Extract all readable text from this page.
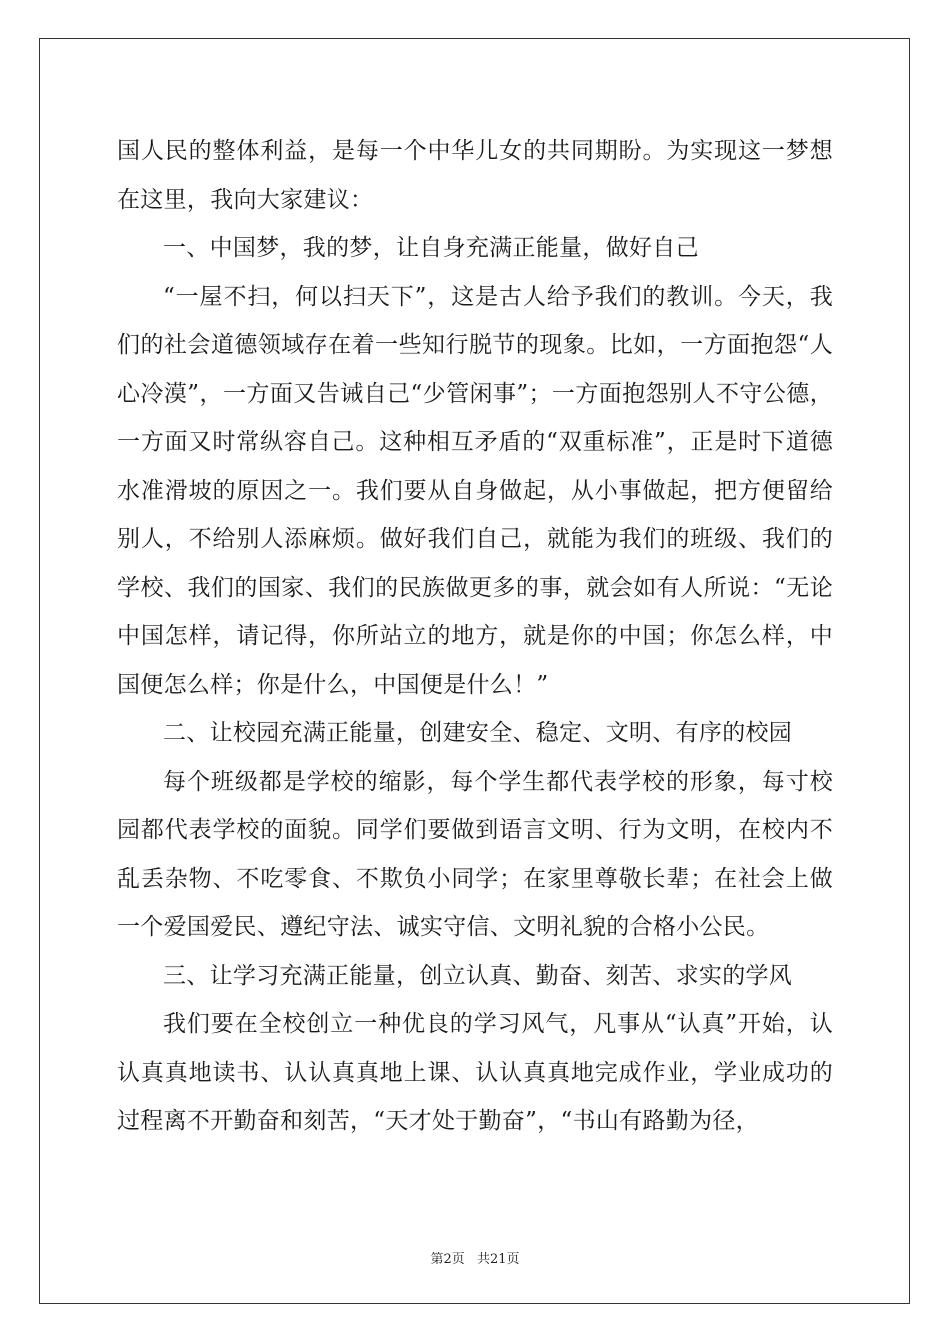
国人民的整体利益，是每一个中华儿女的共同期盼。为实现这一梦想在这里，我向大家建议：

一、中国梦，我的梦，让自身充满正能量，做好自己

“一屋不扫，何以扫天下”，这是古人给予我们的教训。今天，我们的社会道德领域存在着一些知行脱节的现象。比如，一方面抱怨“人心冷漠”，一方面又告诫自己“少管闲事”；一方面抱怨别人不守公德，一方面又时常纵容自己。这种相互矛盾的“双重标准”，正是时下道德水准滑坡的原因之一。我们要从自身做起，从小事做起，把方便留给别人，不给别人添麻烦。做好我们自己，就能为我们的班级、我们的学校、我们的国家、我们的民族做更多的事，就会如有人所说：“无论中国怎样，请记得，你所站立的地方，就是你的中国；你怎么样，中国便怎么样；你是什么，中国便是什么！”

二、让校园充满正能量，创建安全、稳定、文明、有序的校园

每个班级都是学校的缩影，每个学生都代表学校的形象，每寸校园都代表学校的面貌。同学们要做到语言文明、行为文明，在校内不乱丢杂物、不吃零食、不欺负小同学；在家里尊敬长辈；在社会上做一个爱国爱民、遵纪守法、诚实守信、文明礼貌的合格小公民。

三、让学习充满正能量，创立认真、勤奋、刻苦、求实的学风

我们要在全校创立一种优良的学习风气，凡事从“认真”开始，认认真真地读书、认认真真地上课、认认真真地完成作业，学业成功的过程离不开勤奋和刻苦，“天才处于勤奋”，“书山有路勤为径，

第2页 共21页
